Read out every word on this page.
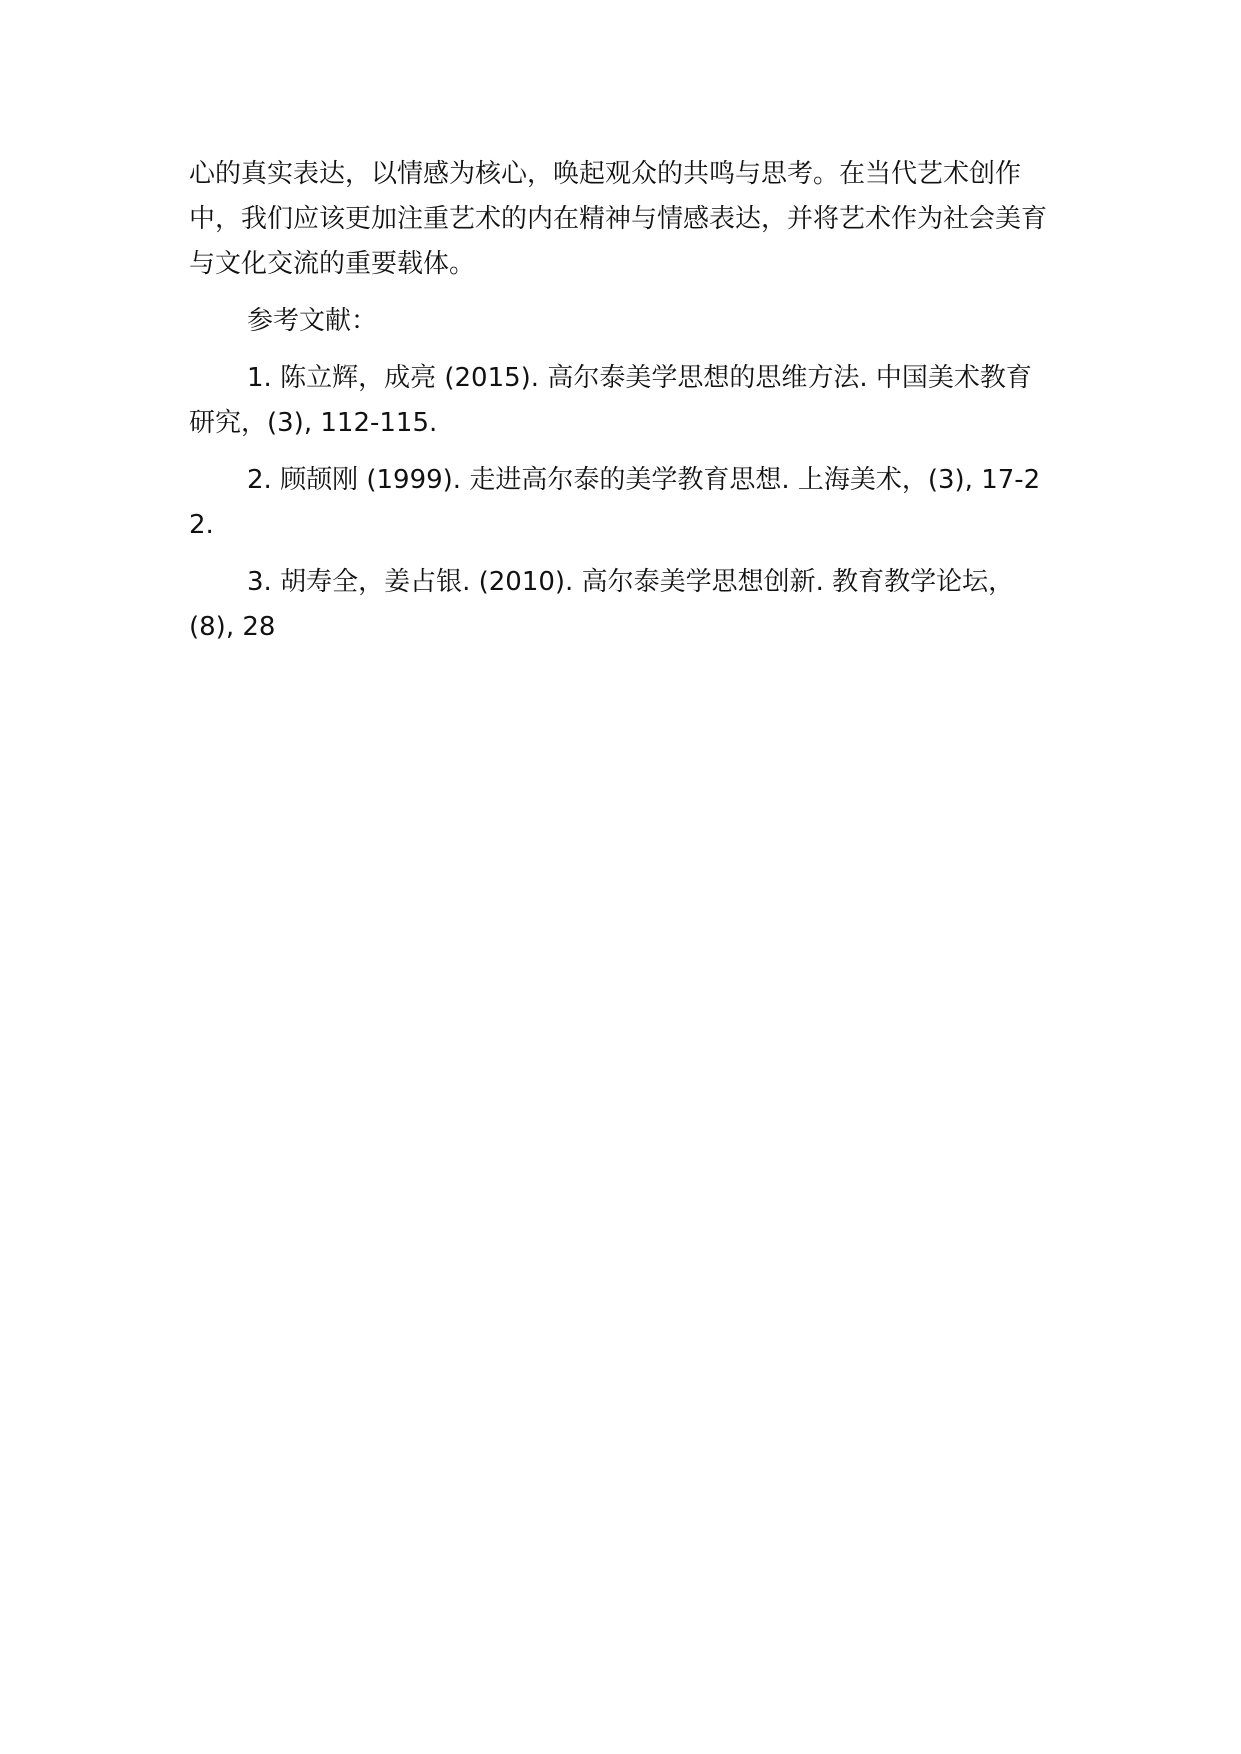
心的真实表达，以情感为核心，唤起观众的共鸣与思考。在当代艺术创作中，我们应该更加注重艺术的内在精神与情感表达，并将艺术作为社会美育与文化交流的重要载体。

参考文献：

1. 陈立辉，成亮 (2015). 高尔泰美学思想的思维方法. 中国美术教育研究，(3), 112-115.

2. 顾颉刚 (1999). 走进高尔泰的美学教育思想. 上海美术，(3), 17-22.

3. 胡寿全，姜占银. (2010). 高尔泰美学思想创新. 教育教学论坛，(8), 28
